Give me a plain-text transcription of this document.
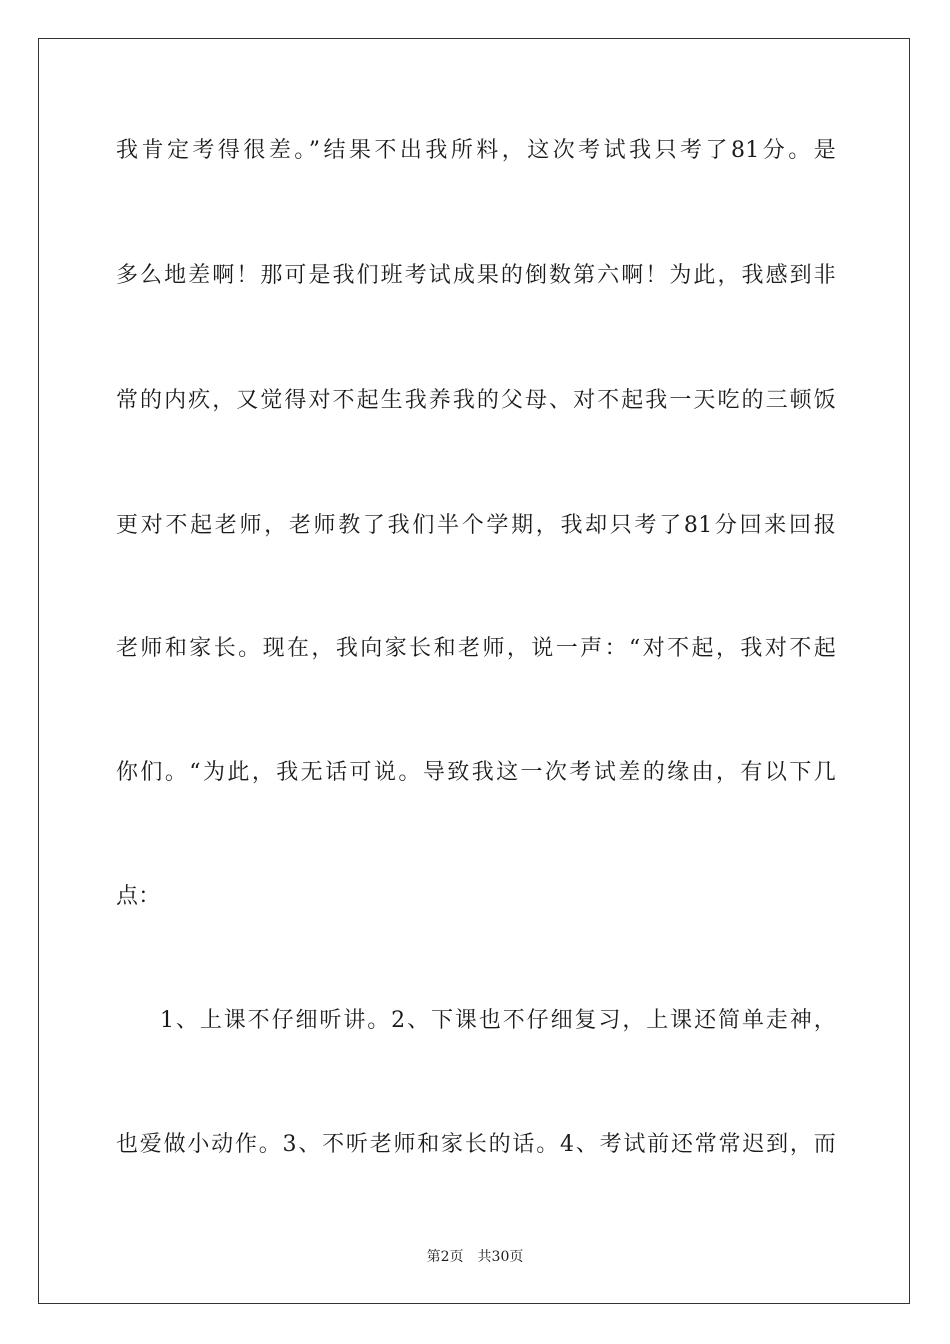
我肯定考得很差。”结果不出我所料，这次考试我只考了81分。是
多么地差啊！那可是我们班考试成果的倒数第六啊！为此，我感到非
常的内疚，又觉得对不起生我养我的父母、对不起我一天吃的三顿饭
更对不起老师，老师教了我们半个学期，我却只考了81分回来回报
老师和家长。现在，我向家长和老师，说一声：“对不起，我对不起
你们。“为此，我无话可说。导致我这一次考试差的缘由，有以下几
点：
1、上课不仔细听讲。2、下课也不仔细复习，上课还简单走神，
也爱做小动作。3、不听老师和家长的话。4、考试前还常常迟到，而
第2页 共30页
